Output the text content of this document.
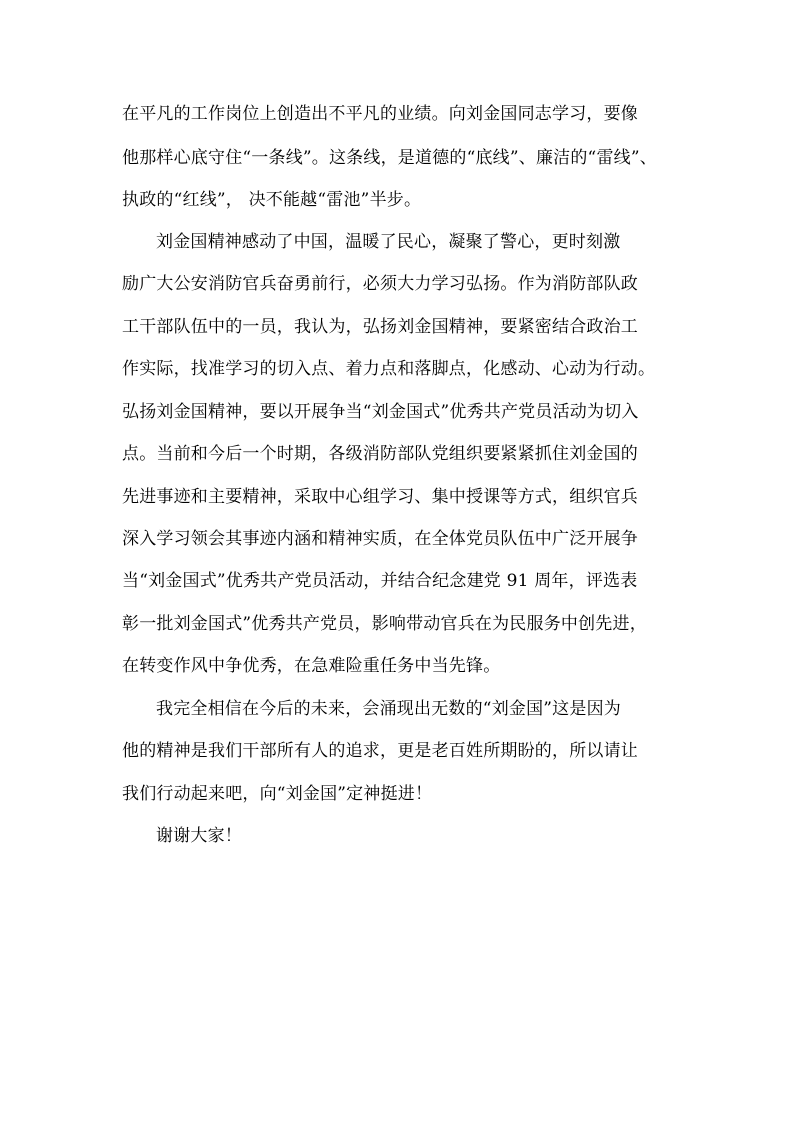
在平凡的工作岗位上创造出不平凡的业绩。向刘金国同志学习，要像
他那样心底守住“一条线”。这条线，是道德的“底线”、廉洁的“雷线”、
执政的“红线”， 决不能越“雷池”半步。
刘金国精神感动了中国，温暖了民心，凝聚了警心，更时刻激
励广大公安消防官兵奋勇前行，必须大力学习弘扬。作为消防部队政
工干部队伍中的一员，我认为，弘扬刘金国精神，要紧密结合政治工
作实际，找准学习的切入点、着力点和落脚点，化感动、心动为行动。
弘扬刘金国精神，要以开展争当“刘金国式”优秀共产党员活动为切入
点。当前和今后一个时期，各级消防部队党组织要紧紧抓住刘金国的
先进事迹和主要精神，采取中心组学习、集中授课等方式，组织官兵
深入学习领会其事迹内涵和精神实质，在全体党员队伍中广泛开展争
当“刘金国式”优秀共产党员活动，并结合纪念建党 91 周年，评选表
彰一批刘金国式”优秀共产党员，影响带动官兵在为民服务中创先进，
在转变作风中争优秀，在急难险重任务中当先锋。
我完全相信在今后的未来，会涌现出无数的“刘金国”这是因为
他的精神是我们干部所有人的追求，更是老百姓所期盼的，所以请让
我们行动起来吧，向“刘金国”定神挺进！
谢谢大家！
